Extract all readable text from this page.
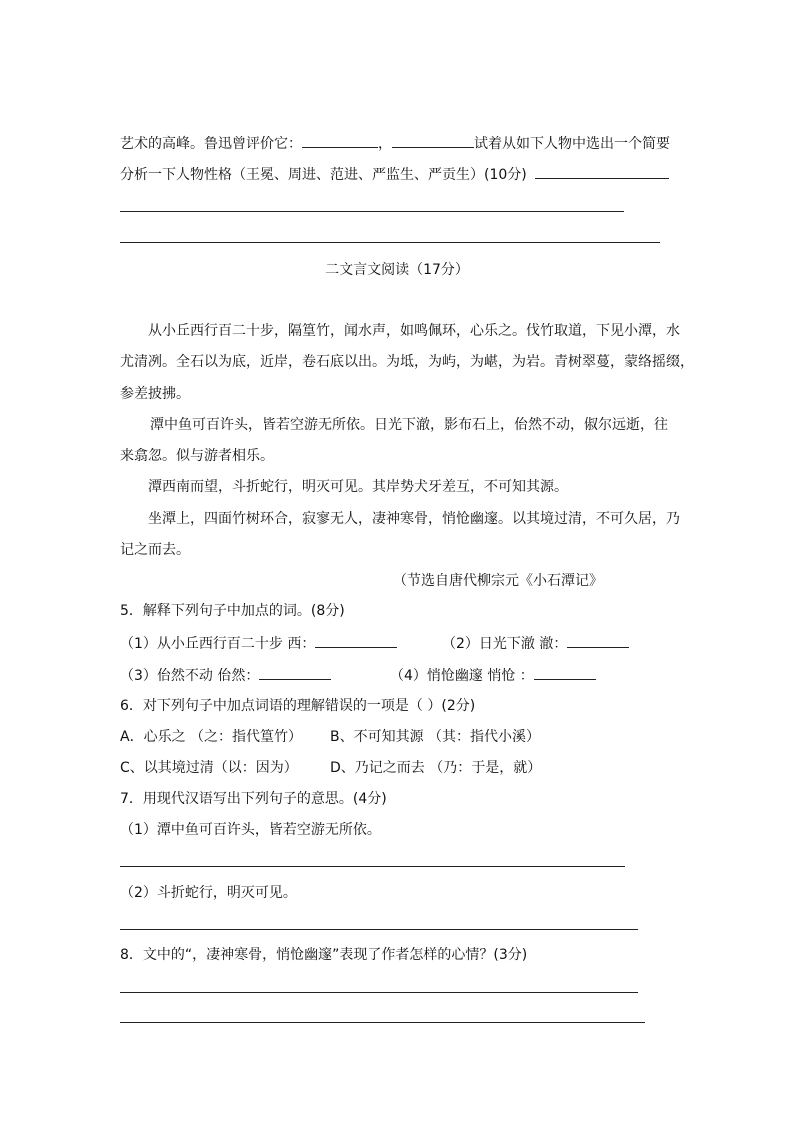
艺术的高峰。鲁迅曾评价它：	，	试着从如下人物中选出一个简要
分析一下人物性格（王冕、周进、范进、严监生、严贡生）(10分)
二文言文阅读（17分）
从小丘西行百二十步，隔篁竹，闻水声，如鸣佩环，心乐之。伐竹取道，下见小潭，水
尤清冽。全石以为底，近岸，卷石底以出。为坻，为屿，为嵁，为岩。青树翠蔓，蒙络摇缀，
参差披拂。
潭中鱼可百许头，皆若空游无所依。日光下澈，影布石上，佁然不动，俶尔远逝，往
来翕忽。似与游者相乐。
潭西南而望，斗折蛇行，明灭可见。其岸势犬牙差互，不可知其源。
坐潭上，四面竹树环合，寂寥无人，凄神寒骨，悄怆幽邃。以其境过清，不可久居，乃
记之而去。
（节选自唐代柳宗元《小石潭记》
5．解释下列句子中加点的词。(8分)
（1）从小丘西行百二十步 西：	（2）日光下澈 澈：
（3）佁然不动 佁然：	（4）悄怆幽邃 悄怆 ：
6．对下列句子中加点词语的理解错误的一项是（ ）(2分)
A．心乐之 （之：指代篁竹） B、不可知其源 （其：指代小溪）
C、以其境过清（以：因为） D、乃记之而去 （乃：于是，就）
7．用现代汉语写出下列句子的意思。(4分)
（1）潭中鱼可百许头，皆若空游无所依。
（2）斗折蛇行，明灭可见。
8．文中的“，凄神寒骨，悄怆幽邃”表现了作者怎样的心情？(3分)
